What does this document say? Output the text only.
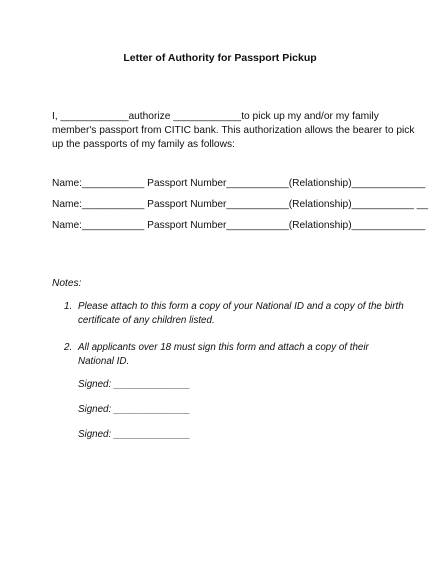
Letter of Authority for Passport Pickup
I, ____________authorize ____________to pick up my and/or my family
member's passport from CITIC bank. This authorization allows the bearer to pick
up the passports of my family as follows:
Name:___________ Passport Number___________(Relationship)_____________
Name:___________ Passport Number___________(Relationship)___________ __
Name:___________ Passport Number___________(Relationship)_____________
Notes:
1. Please attach to this form a copy of your National ID and a copy of the birth
certificate of any children listed.
2. All applicants over 18 must sign this form and attach a copy of their
National ID.
Signed: ______________
Signed: ______________
Signed: ______________
